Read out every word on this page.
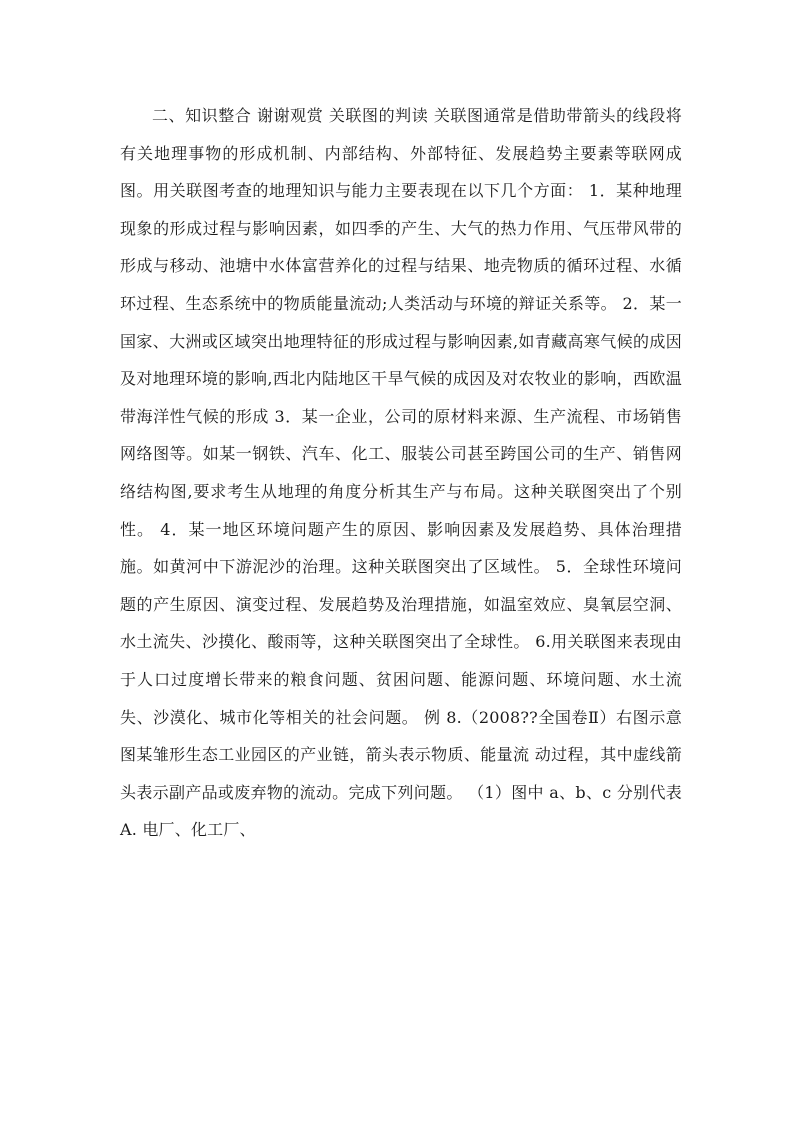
二、知识整合 谢谢观赏 关联图的判读 关联图通常是借助带箭头的线段将有关地理事物的形成机制、内部结构、外部特征、发展趋势主要素等联网成图。用关联图考查的地理知识与能力主要表现在以下几个方面： 1．某种地理现象的形成过程与影响因素，如四季的产生、大气的热力作用、气压带风带的形成与移动、池塘中水体富营养化的过程与结果、地壳物质的循环过程、水循环过程、生态系统中的物质能量流动;人类活动与环境的辩证关系等。 2．某一国家、大洲或区域突出地理特征的形成过程与影响因素,如青藏高寒气候的成因及对地理环境的影响,西北内陆地区干旱气候的成因及对农牧业的影响，西欧温带海洋性气候的形成 3．某一企业，公司的原材料来源、生产流程、市场销售网络图等。如某一钢铁、汽车、化工、服装公司甚至跨国公司的生产、销售网络结构图,要求考生从地理的角度分析其生产与布局。这种关联图突出了个别性。 4．某一地区环境问题产生的原因、影响因素及发展趋势、具体治理措施。如黄河中下游泥沙的治理。这种关联图突出了区域性。 5．全球性环境问题的产生原因、演变过程、发展趋势及治理措施，如温室效应、臭氧层空洞、水土流失、沙摸化、酸雨等，这种关联图突出了全球性。 6.用关联图来表现由于人口过度增长带来的粮食问题、贫困问题、能源问题、环境问题、水土流失、沙漠化、城市化等相关的社会问题。 例 8.（2008??全国卷Ⅱ）右图示意图某雏形生态工业园区的产业链，箭头表示物质、能量流 动过程，其中虚线箭头表示副产品或废弃物的流动。完成下列问题。 （1）图中 a、b、c 分别代表 A. 电厂、化工厂、
